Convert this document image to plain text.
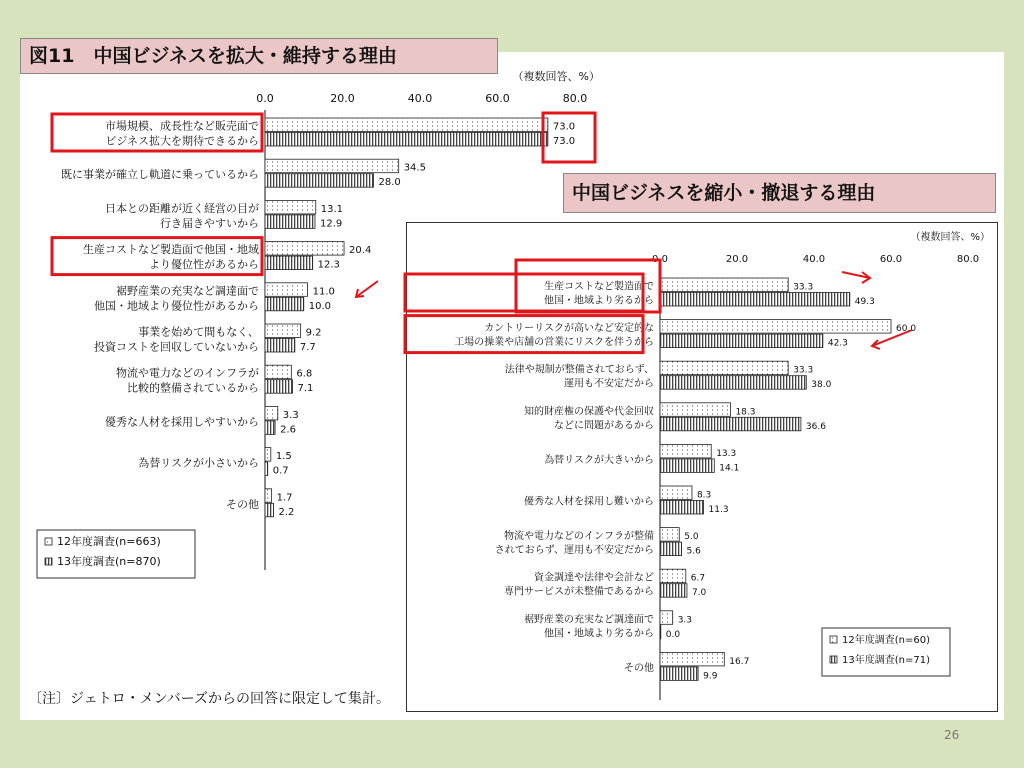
（複数回答、%）
0.0	20.0	40.0	60.0	80.0
市場規模、成長性など販売面で
ビジネス拡大を期待できるから
73.0
73.0
既に事業が確立し軌道に乗っているから	34.5
28.0
日本との距離が近く経営の目が
行き届きやすいから
13.1
12.9
生産コストなど製造面で他国・地域
より優位性があるから
20.4
12.3
裾野産業の充実など調達面で
他国・地域より優位性があるから
11.0
10.0
事業を始めて間もなく、
投資コストを回収していないから
9.2
7.7
物流や電力などのインフラが
比較的整備されているから
6.8
7.1
優秀な人材を採用しやすいから 3.3
2.6
為替リスクが小さいから 1.5
0.7
その他 1.7
2.2
12年度調査(n=663)
13年度調査(n=870)
（複数回答、%）
0.0	20.0	40.0	60.0	80.0
生産コストなど製造面で
他国・地域より劣るから
33.3
49.3
カントリーリスクが高いなど安定的な
工場の操業や店舗の営業にリスクを伴うから
60.0
42.3
法律や規制が整備されておらず、
運用も不安定だから
33.3
38.0
知的財産権の保護や代金回収
などに問題があるから
18.3
36.6
為替リスクが大きいから
13.3
14.1
優秀な人材を採用し難いから
8.3
11.3
物流や電力などのインフラが整備
されておらず、運用も不安定だから
5.0
5.6
資金調達や法律や会計など
専門サービスが未整備であるから
6.7
7.0
裾野産業の充実など調達面で
他国・地域より劣るから
3.3
0.0
その他
16.7
9.9
12年度調査(n=60)
13年度調査(n=71)
図11　中国ビジネスを拡大・維持する理由
中国ビジネスを縮小・撤退する理由
〔注〕ジェトロ・メンバーズからの回答に限定して集計。
26
